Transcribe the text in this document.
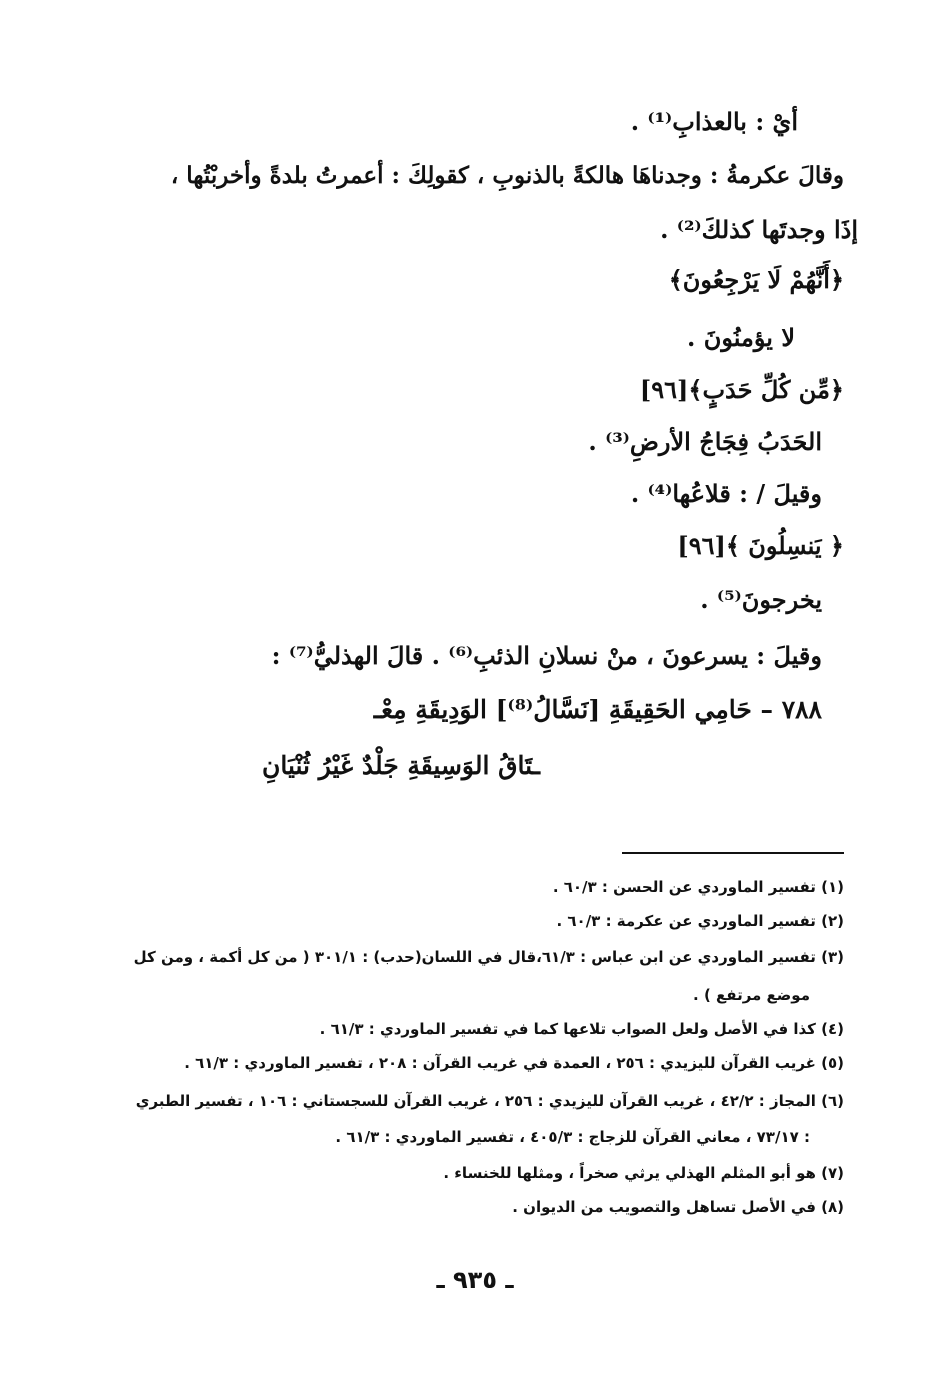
أيْ : بالعذابِ⁽¹⁾ .
وقالَ عكرمةُ : وجدناهَا هالكةً بالذنوبِ ، كقولِكَ : أعمرتُ بلدةً وأخربْتُها ،
إذَا وجدتَها كذلكَ⁽²⁾ .
﴿أَنَّهُمْ لَا يَرْجِعُونَ﴾
لا يؤمنُونَ .
﴿مِّن كُلِّ حَدَبٍ﴾[٩٦]
الحَدَبُ فِجَاجُ الأرضِ⁽³⁾ .
وقيلَ / : قلاعُها⁽⁴⁾ .
﴿ يَنسِلُونَ ﴾[٩٦]
يخرجونَ⁽⁵⁾ .
وقيلَ : يسرعونَ ، منْ نسلانِ الذئبِ⁽⁶⁾ . قالَ الهذليُّ⁽⁷⁾ :
٧٨٨ – حَامِي الحَقِيقَةِ [نَسَّالُ⁽⁸⁾] الوَدِيقَةِ مِعْـ
ـتَاقُ الوَسِيقَةِ جَلْدٌ غَيْرُ ثُنْيَانِ
(١) تفسير الماوردي عن الحسن : ٦٠/٣ .
(٢) تفسير الماوردي عن عكرمة : ٦٠/٣ .
(٣) تفسير الماوردي عن ابن عباس : ٦١/٣،قال في اللسان(حدب) : ٣٠١/١ ( من كل أكمة ، ومن كل
موضع مرتفع ) .
(٤) كذا في الأصل ولعل الصواب تلاعها كما في تفسير الماوردي : ٦١/٣ .
(٥) غريب القرآن لليزيدي : ٢٥٦ ، العمدة في غريب القرآن : ٢٠٨ ، تفسير الماوردي : ٦١/٣ .
(٦) المجاز : ٤٢/٢ ، غريب القرآن لليزيدي : ٢٥٦ ، غريب القرآن للسجستاني : ١٠٦ ، تفسير الطبري
: ٧٣/١٧ ، معاني القرآن للزجاج : ٤٠٥/٣ ، تفسير الماوردي : ٦١/٣ .
(٧) هو أبو المثلم الهذلي يرثي صخراً ، ومثلها للخنساء .
(٨) في الأصل تساهل والتصويب من الديوان .
ـ ٩٣٥ ـ
